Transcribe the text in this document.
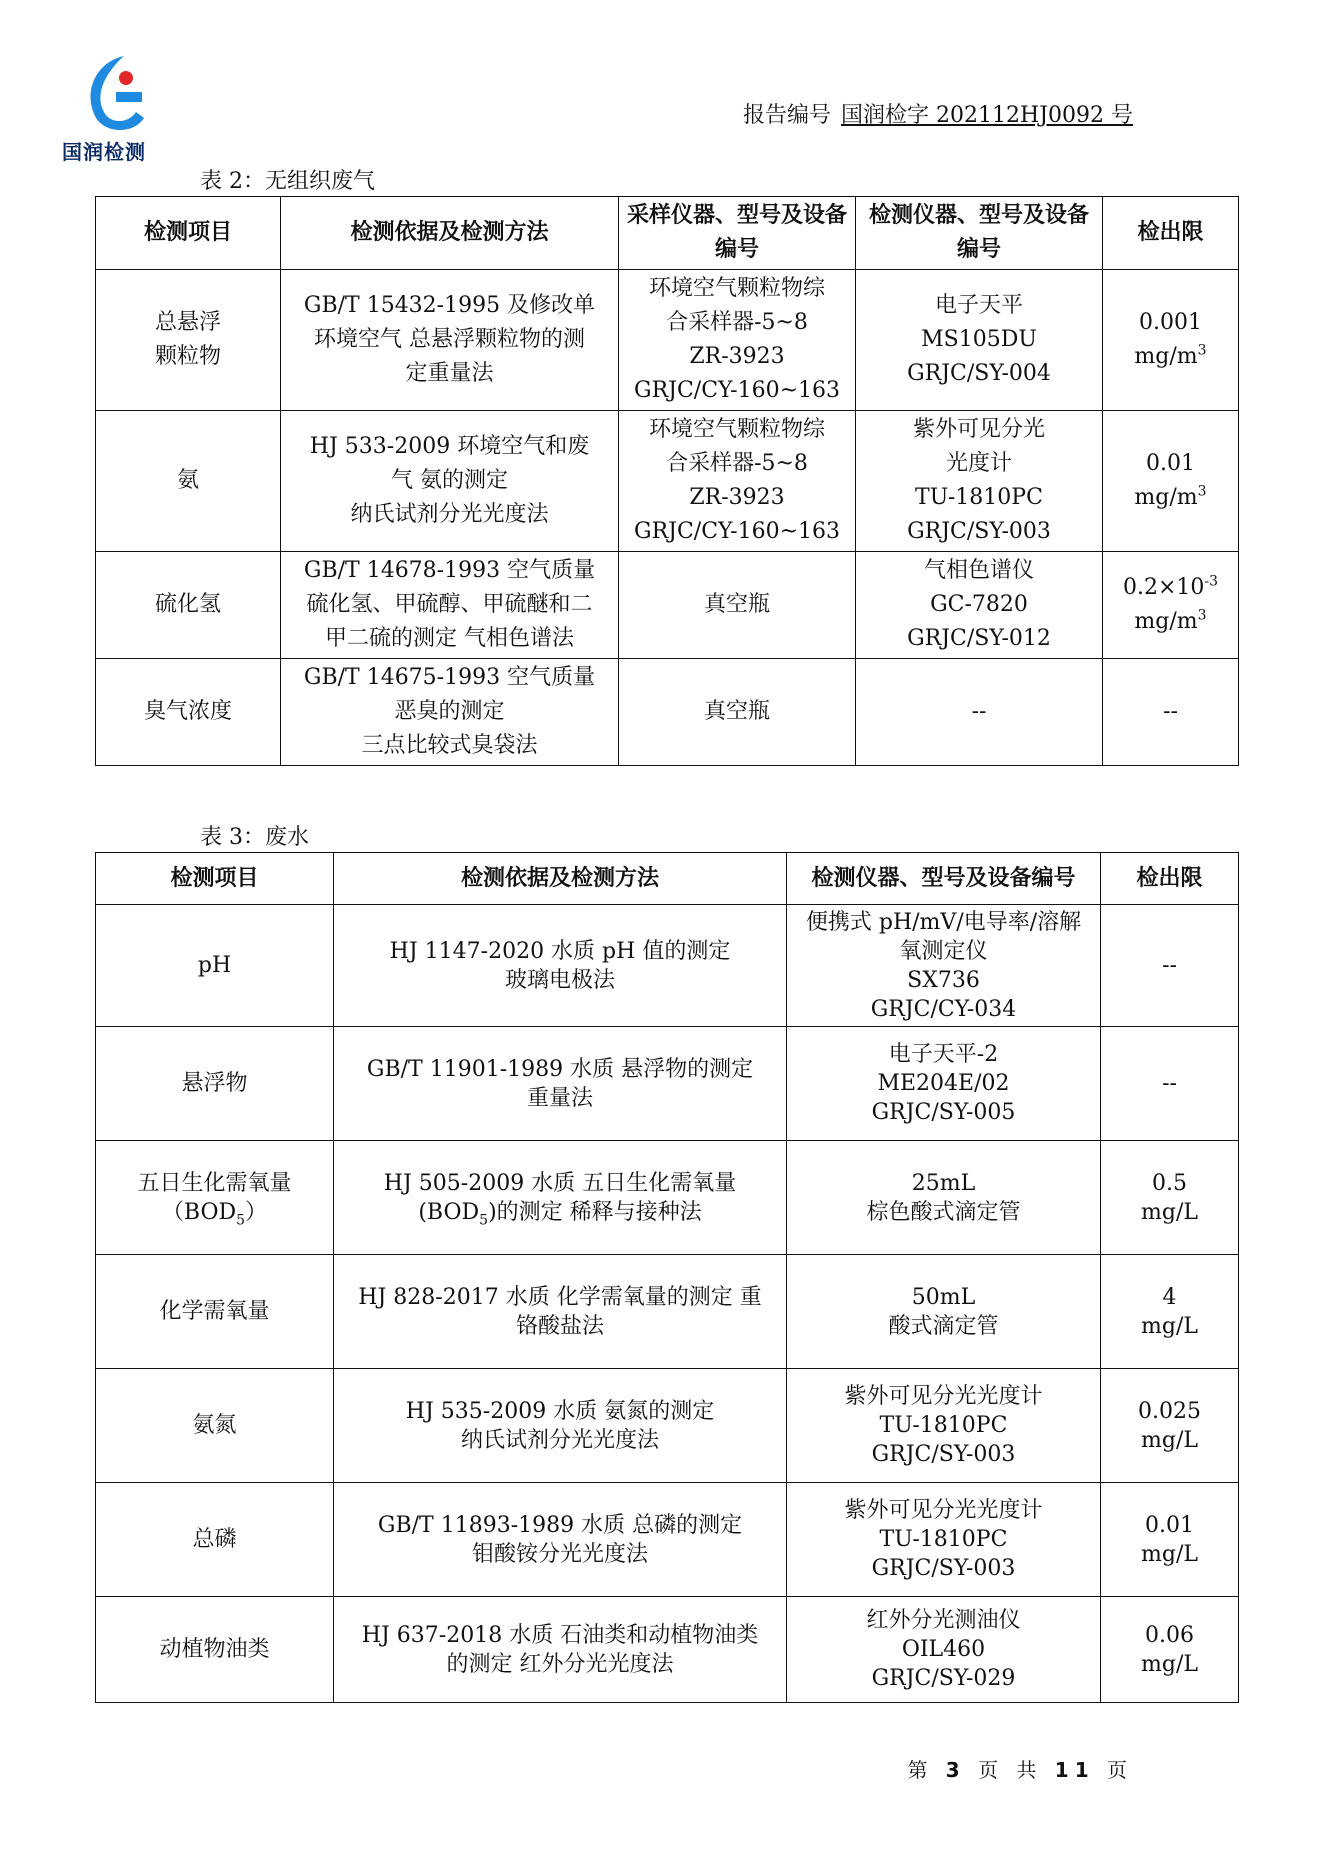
国润检测
报告编号 国润检字 202112HJ0092 号
表 2：无组织废气
检测项目	检测依据及检测方法	采样仪器、型号及设备编号	检测仪器、型号及设备编号	检出限

总悬浮
颗粒物	GB/T 15432-1995 及修改单
环境空气 总悬浮颗粒物的测
定重量法	环境空气颗粒物综
合采样器-5~8
ZR-3923
GRJC/CY-160~163	电子天平
MS105DU
GRJC/SY-004	0.001
$mg/m^3$

氨	HJ 533-2009 环境空气和废
气 氨的测定
纳氏试剂分光光度法	环境空气颗粒物综
合采样器-5~8
ZR-3923
GRJC/CY-160~163	紫外可见分光
光度计
TU-1810PC
GRJC/SY-003	0.01
$mg/m^3$

硫化氢	GB/T 14678-1993 空气质量
硫化氢、甲硫醇、甲硫醚和二
甲二硫的测定 气相色谱法	真空瓶	气相色谱仪
GC-7820
GRJC/SY-012	$0.2\times 10^{-3}$
$mg/m^3$

臭气浓度	GB/T 14675-1993 空气质量
恶臭的测定
三点比较式臭袋法	真空瓶	--	--
表 3：废水
检测项目	检测依据及检测方法	检测仪器、型号及设备编号	检出限

pH	HJ 1147-2020 水质 pH 值的测定
玻璃电极法	便携式 pH/mV/电导率/溶解
氧测定仪
SX736
GRJC/CY-034	--

悬浮物	GB/T 11901-1989 水质 悬浮物的测定
重量法	电子天平-2
ME204E/02
GRJC/SY-005	--

五日生化需氧量
$(BOD_5)$	HJ 505-2009 水质 五日生化需氧量
$(BOD_5)$的测定 稀释与接种法	25mL
棕色酸式滴定管	0.5
mg/L

化学需氧量	HJ 828-2017 水质 化学需氧量的测定 重
铬酸盐法	50mL
酸式滴定管	4
mg/L

氨氮	HJ 535-2009 水质 氨氮的测定
纳氏试剂分光光度法	紫外可见分光光度计
TU-1810PC
GRJC/SY-003	0.025
mg/L

总磷	GB/T 11893-1989 水质 总磷的测定
钼酸铵分光光度法	紫外可见分光光度计
TU-1810PC
GRJC/SY-003	0.01
mg/L

动植物油类	HJ 637-2018 水质 石油类和动植物油类
的测定 红外分光光度法	红外分光测油仪
OIL460
GRJC/SY-029	0.06
mg/L
第 3 页 共 11 页
